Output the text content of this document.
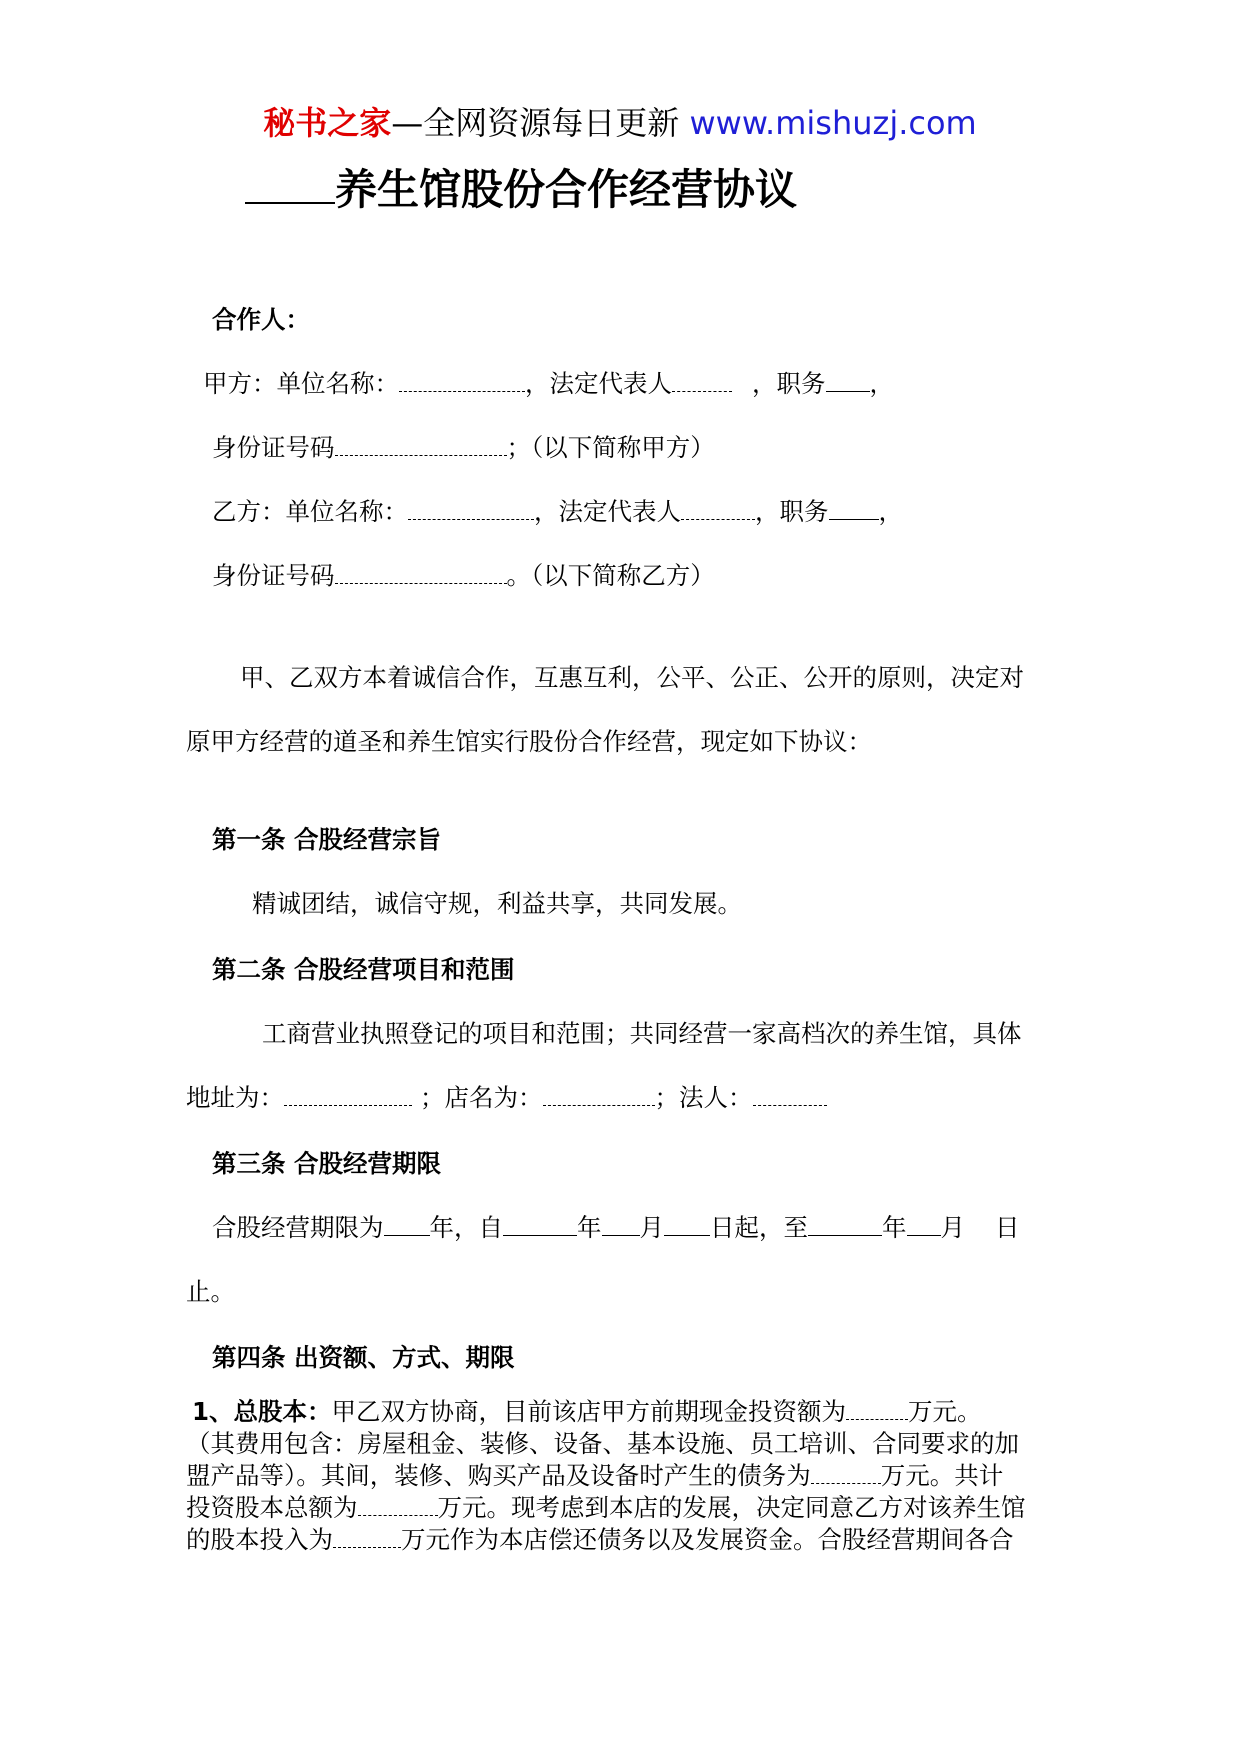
秘书之家—全网资源每日更新 www.mishuzj.com
养生馆股份合作经营协议
合作人：
甲方：单位名称：	，法定代表人	，职务 ，
身份证号码	；（以下简称甲方）
乙方：单位名称：	，法定代表人	，职务 ，
身份证号码	。（以下简称乙方）
甲、乙双方本着诚信合作，互惠互利，公平、公正、公开的原则，决定对
原甲方经营的道圣和养生馆实行股份合作经营，现定如下协议：
第一条 合股经营宗旨
精诚团结，诚信守规，利益共享，共同发展。
第二条 合股经营项目和范围
工商营业执照登记的项目和范围；共同经营一家高档次的养生馆，具体
地址为：	；店名为：	；法人：
第三条 合股经营期限
合股经营期限为 年，自	年 月 日起，至	年 月 日
止。
第四条 出资额、方式、期限
1、总股本：甲乙双方协商，目前该店甲方前期现金投资额为	万元。
（其费用包含：房屋租金、装修、设备、基本设施、员工培训、合同要求的加
盟产品等）。其间，装修、购买产品及设备时产生的债务为	万元。共计
投资股本总额为	万元。现考虑到本店的发展，决定同意乙方对该养生馆
的股本投入为	万元作为本店偿还债务以及发展资金。合股经营期间各合
